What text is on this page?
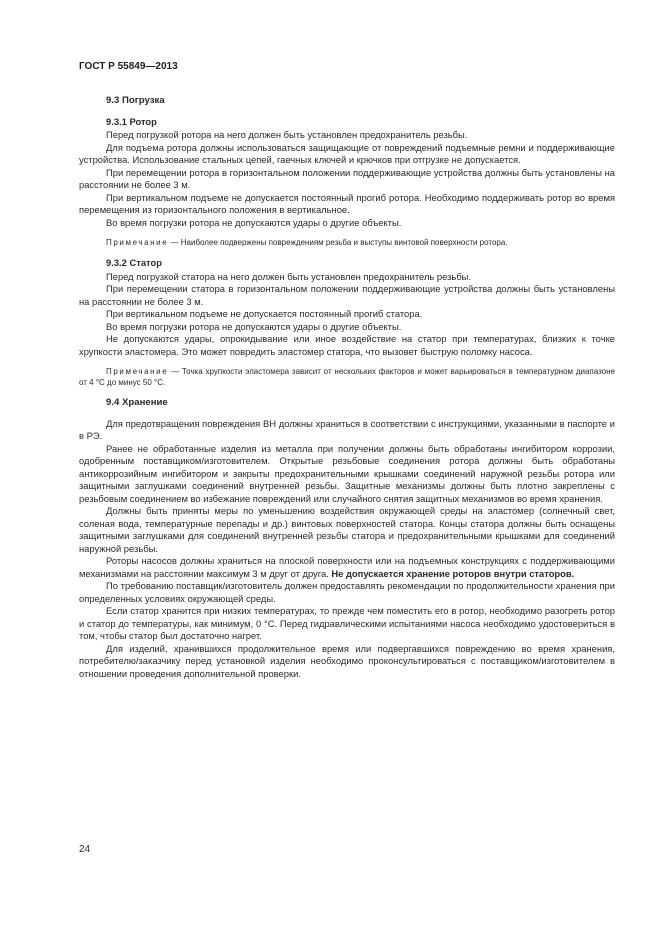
ГОСТ Р 55849—2013
9.3 Погрузка
9.3.1 Ротор

Перед погрузкой ротора на него должен быть установлен предохранитель резьбы.

Для подъема ротора должны использоваться защищающие от повреждений подъемные ремни и поддерживающие устройства. Использование стальных цепей, гаечных ключей и крючков при отгрузке не допускается.

При перемещении ротора в горизонтальном положении поддерживающие устройства должны быть установлены на расстоянии не более 3 м.

При вертикальном подъеме не допускается постоянный прогиб ротора. Необходимо поддерживать ротор во время перемещения из горизонтального положения в вертикальное.

Во время погрузки ротора не допускаются удары о другие объекты.

Примечание — Наиболее подвержены повреждениям резьба и выступы винтовой поверхности ротора.
9.3.2 Статор

Перед погрузкой статора на него должен быть установлен предохранитель резьбы.

При перемещении статора в горизонтальном положении поддерживающие устройства должны быть установлены на расстоянии не более 3 м.

При вертикальном подъеме не допускается постоянный прогиб статора.

Во время погрузки ротора не допускаются удары о другие объекты.

Не допускаются удары, опрокидывание или иное воздействие на статор при температурах, близких к точке хрупкости эластомера. Это может повредить эластомер статора, что вызовет быструю поломку насоса.

Примечание — Точка хрупкости эластомера зависит от нескольких факторов и может варьироваться в температурном диапазоне от 4 °С до минус 50 °С.
9.4 Хранение

Для предотвращения повреждения ВН должны храниться в соответствии с инструкциями, указанными в паспорте и в РЭ.

Ранее не обработанные изделия из металла при получении должны быть обработаны ингибитором коррозии, одобренным поставщиком/изготовителем. Открытые резьбовые соединения ротора должны быть обработаны антикоррозийным ингибитором и закрыты предохранительными крышками соединений наружной резьбы ротора или защитными заглушками соединений внутренней резьбы. Защитные механизмы должны быть плотно закреплены с резьбовым соединением во избежание повреждений или случайного снятия защитных механизмов во время хранения.

Должны быть приняты меры по уменьшению воздействия окружающей среды на эластомер (солнечный свет, соленая вода, температурные перепады и др.) винтовых поверхностей статора. Концы статора должны быть оснащены защитными заглушками для соединений внутренней резьбы статора и предохранительными крышками для соединений наружной резьбы.

Роторы насосов должны храниться на плоской поверхности или на подъемных конструкциях с поддерживающими механизмами на расстоянии максимум 3 м друг от друга. Не допускается хранение роторов внутри статоров.

По требованию поставщик/изготовитель должен предоставлять рекомендации по продолжительности хранения при определенных условиях окружающей среды.

Если статор хранится при низких температурах, то прежде чем поместить его в ротор, необходимо разогреть ротор и статор до температуры, как минимум, 0 °С. Перед гидравлическими испытаниями насоса необходимо удостовериться в том, чтобы статор был достаточно нагрет.

Для изделий, хранившихся продолжительное время или подвергавшихся повреждению во время хранения, потребителю/заказчику перед установкой изделия необходимо проконсультироваться с поставщиком/изготовителем в отношении проведения дополнительной проверки.

24
